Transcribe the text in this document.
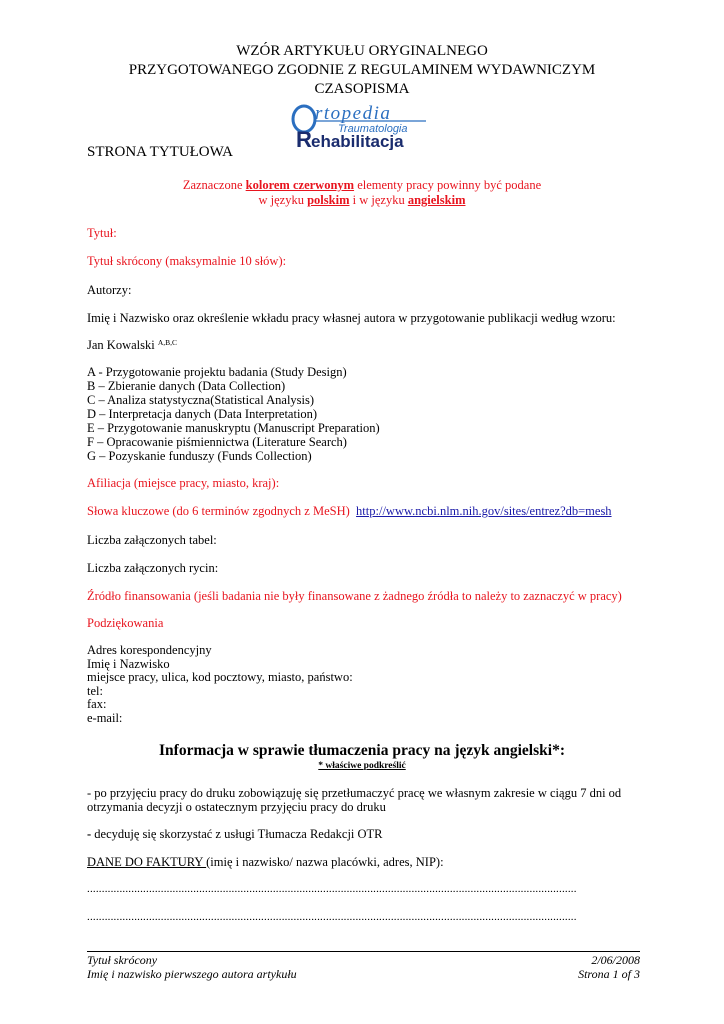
WZÓR ARTYKUŁU ORYGINALNEGO
PRZYGOTOWANEGO ZGODNIE Z REGULAMINEM WYDAWNICZYM
CZASOPISMA
rtopedia
Traumatologia
R ehabilitacja
STRONA TYTUŁOWA
Zaznaczone kolorem czerwonym elementy pracy powinny być podane
w języku polskim i w języku angielskim
Tytuł:
Tytuł skrócony (maksymalnie 10 słów):
Autorzy:
Imię i Nazwisko oraz określenie wkładu pracy własnej autora w przygotowanie publikacji według wzoru:
Jan Kowalski $^{A,B,C}$
A - Przygotowanie projektu badania (Study Design)
B – Zbieranie danych (Data Collection)
C – Analiza statystyczna(Statistical Analysis)
D – Interpretacja danych (Data Interpretation)
E – Przygotowanie manuskryptu (Manuscript Preparation)
F – Opracowanie piśmiennictwa (Literature Search)
G – Pozyskanie funduszy (Funds Collection)
Afiliacja (miejsce pracy, miasto, kraj):
Słowa kluczowe (do 6 terminów zgodnych z MeSH) http://www.ncbi.nlm.nih.gov/sites/entrez?db=mesh
Liczba załączonych tabel:
Liczba załączonych rycin:
Źródło finansowania (jeśli badania nie były finansowane z żadnego źródła to należy to zaznaczyć w pracy)
Podziękowania
Adres korespondencyjny
Imię i Nazwisko
miejsce pracy, ulica, kod pocztowy, miasto, państwo:
tel:
fax:
e-mail:
Informacja w sprawie tłumaczenia pracy na język angielski*:
* właściwe podkreślić
- po przyjęciu pracy do druku zobowiązuję się przetłumaczyć pracę we własnym zakresie w ciągu 7 dni od
otrzymania decyzji o ostatecznym przyjęciu pracy do druku
- decyduję się skorzystać z usługi Tłumacza Redakcji OTR
DANE DO FAKTURY (imię i nazwisko/ nazwa placówki, adres, NIP):
......................................................................................................................................................................
......................................................................................................................................................................
Tytuł skrócony
Imię i nazwisko pierwszego autora artykułu
2/06/2008
Strona 1 of 3
